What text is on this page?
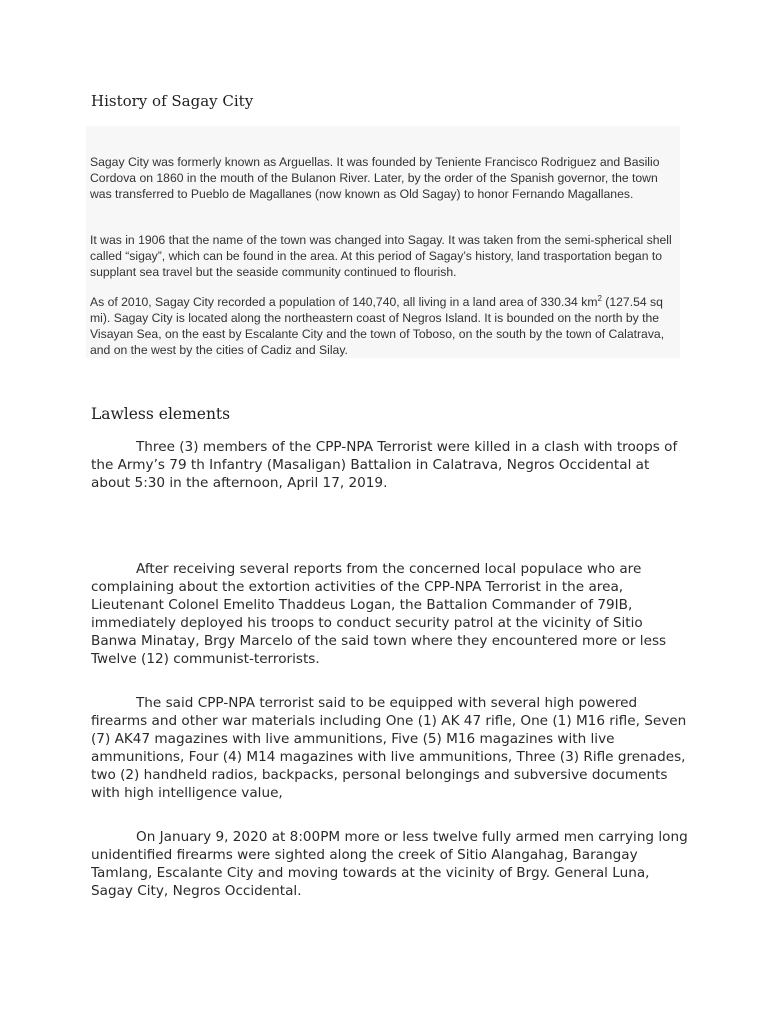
History of Sagay City

Sagay City was formerly known as Arguellas. It was founded by Teniente Francisco Rodriguez and Basilio Cordova on 1860 in the mouth of the Bulanon River. Later, by the order of the Spanish governor, the town was transferred to Pueblo de Magallanes (now known as Old Sagay) to honor Fernando Magallanes.

It was in 1906 that the name of the town was changed into Sagay. It was taken from the semi-spherical shell called “sigay”, which can be found in the area. At this period of Sagay’s history, land trasportation began to supplant sea travel but the seaside community continued to flourish.

As of 2010, Sagay City recorded a population of 140,740, all living in a land area of 330.34 $km^2$ (127.54 sq mi). Sagay City is located along the northeastern coast of Negros Island. It is bounded on the north by the Visayan Sea, on the east by Escalante City and the town of Toboso, on the south by the town of Calatrava, and on the west by the cities of Cadiz and Silay.

Lawless elements

Three (3) members of the CPP-NPA Terrorist were killed in a clash with troops of the Army’s 79 th Infantry (Masaligan) Battalion in Calatrava, Negros Occidental at about 5:30 in the afternoon, April 17, 2019.

After receiving several reports from the concerned local populace who are complaining about the extortion activities of the CPP-NPA Terrorist in the area, Lieutenant Colonel Emelito Thaddeus Logan, the Battalion Commander of 79IB, immediately deployed his troops to conduct security patrol at the vicinity of Sitio Banwa Minatay, Brgy Marcelo of the said town where they encountered more or less Twelve (12) communist-terrorists.

The said CPP-NPA terrorist said to be equipped with several high powered firearms and other war materials including One (1) AK 47 rifle, One (1) M16 rifle, Seven (7) AK47 magazines with live ammunitions, Five (5) M16 magazines with live ammunitions, Four (4) M14 magazines with live ammunitions, Three (3) Rifle grenades, two (2) handheld radios, backpacks, personal belongings and subversive documents with high intelligence value,

On January 9, 2020 at 8:00PM more or less twelve fully armed men carrying long unidentified firearms were sighted along the creek of Sitio Alangahag, Barangay Tamlang, Escalante City and moving towards at the vicinity of Brgy. General Luna, Sagay City, Negros Occidental.
